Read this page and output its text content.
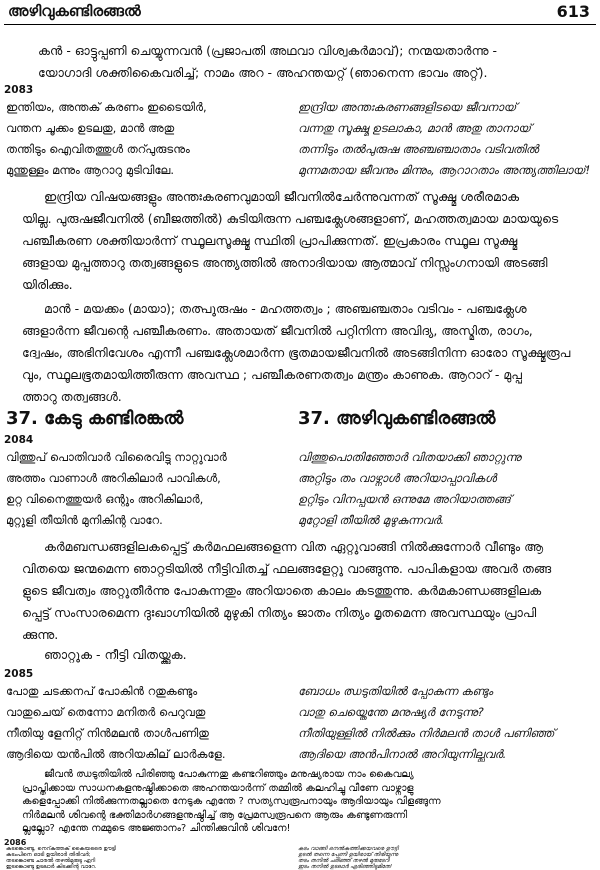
അഴിവുകണ്ടിരങ്ങൽ	613
കൻ - ഓട്ടുപ്പണി ചെയ്യുന്നവൻ (പ്രജാപതി അഥവാ വിശ്വകർമാവ്); നന്മയതാർന്നു -
യോഗാദി ശക്തികൈവരിച്ച്; നാമം അറ - അഹന്തയറ്റ് (ഞാനെന്ന ഭാവം അറ്റ്).
2083
ഇന്തിയം, അന്തക് കരണം ഇടൈയിർ,	ഇന്ദ്രിയ അന്തഃകരണങ്ങളിടയെ ജീവനായ്
വന്തന ചൂക്കം ഉടലതു, മാൻ അതു	വന്നതു സൂക്ഷ്മ ഉടലാകാ, മാൻ അതു താനായ്
തന്തിടും ഐവിതത്തുൾ തറ്പുരുടനും	തന്നിടും തൽപുരുഷ അഞ്ചഞ്ചാതാം വടിവതിൽ
മുന്തുള്ളം മന്നും ആറാറു മുടിവിലേ.	മുന്നമതായ ജീവനും മിന്നും, ആറാറതാം അന്ത്യത്തിലായ്!
ഇന്ദ്രിയ വിഷയങ്ങളും അന്തഃകരണവുമായി ജീവനിൽചേർന്നുവന്നത് സൂക്ഷ്മ ശരീരമാക
യില്ല. പുരുഷജീവനിൽ (ബീജത്തിൽ) കുടിയിരുന്ന പഞ്ചക്ലേശങ്ങളാണ്, മഹത്തത്വമായ മായയുടെ
പഞ്ചീകരണ ശക്തിയാർന്ന് സ്ഥൂലസൂക്ഷ്മ സ്ഥിതി പ്രാപിക്കുന്നത്. ഇപ്രകാരം സ്ഥൂല സൂക്ഷ്മ
ങ്ങളായ മുപ്പത്താറു തത്വങ്ങളുടെ അന്ത്യത്തിൽ അനാദിയായ ആത്മാവ് നിസ്സംഗനായി അടങ്ങി
യിരിക്കും.
മാൻ - മയക്കം (മായാ); തത്പുരുഷം - മഹത്തത്വം ; അഞ്ചഞ്ചതാം വടിവം - പഞ്ചക്ലേശ
ങ്ങളാർന്ന ജീവന്റെ പഞ്ചീകരണം. അതായത് ജീവനിൽ പറ്റിനിന്ന അവിദ്യ, അസ്മിത, രാഗം,
ദ്വേഷം, അഭിനിവേശം എന്നീ പഞ്ചക്ലേശമാർന്ന ഭൂതമായജീവനിൽ അടങ്ങിനിന്ന ഓരോ സൂക്ഷ്മരൂപ
വും, സ്ഥൂലഭൂതമായിത്തീരുന്ന അവസ്ഥ ; പഞ്ചീകരണതത്വം മന്ത്രം കാണുക. ആറാറ് - മുപ്പ
ത്താറു തത്വങ്ങൾ.
37. കേടു കണ്ടിരങ്കൽ	37. അഴിവുകണ്ടിരങ്ങൽ
2084
വിത്തുപ് പൊതിവാർ വിരൈവിട്ടു നാറ്റുവാർ	വിത്തുപൊതിഞ്ഞോർ വിതയാക്കി ഞാറ്റുന്നു
അത്തം വാണാൾ അറികിലാർ പാവികൾ,	അറ്റിടും തം വാഴ്നാൾ അറിയാപ്പാവികൾ
ഉറ്റ വിനൈത്തുയർ ഒന്റും അറികിലാർ,	ഉറ്റിടും വിനപ്പയൻ ഒന്നുമേ അറിയാത്തങ്ങ്
മുറ്റുളി തീയിൻ മുനികിന്റ വാറേ.	മുറ്റോളി തീയിൽ മുഴുകുന്നവർ.
കർമബന്ധങ്ങളിലകപ്പെട്ട് കർമഫലങ്ങളെന്ന വിത ഏറ്റുവാങ്ങി നിൽക്കുന്നോർ വീണ്ടും ആ
വിതയെ ജന്മമെന്ന ഞാറ്റടിയിൽ നീട്ടിവിതച്ച് ഫലങ്ങളേറ്റു വാങ്ങുന്നു. പാപികളായ അവർ തങ്ങ
ളുടെ ജീവത്വം അറ്റുതീർന്നു പോകുന്നതും അറിയാതെ കാലം കടത്തുന്നു. കർമകാണ്ഡങ്ങളിലക
പ്പെട്ട് സംസാരമെന്ന ദുഃഖാഗ്നിയിൽ മുഴുകി നിത്യം ജാതം നിത്യം മൃതമെന്ന അവസ്ഥയും പ്രാപി
ക്കുന്നു.
ഞാറ്റുക - നീട്ടി വിതയ്ക്കുക.
2085
പോതു ചടക്കനപ് പോകിൻ റതുകണ്ടും	ബോധം ഝടുതിയിൽ പ്പോകുന്ന കണ്ടും
വാതുചെയ് തെന്നോ മനിതർ പെറുവതു	വാതു ചെയ്തെന്തേ മനുഷ്യർ നേടുന്നു?
നീതിയു ളേനിറ്റ് നിൻമലൻ താൾപണിതു	നീതിയുള്ളിൽ നിൽക്കും നിർമലൻ താൾ പണിഞ്ഞ്
ആദിയെ യൻപിൽ അറിയകില് ലാർകളേ.	ആദിയെ അൻപിനാൽ അറിയുന്നില്ലവർ.
ജീവൻ ഝടുതിയിൽ പിരിഞ്ഞു പോകുന്നതു കണ്ടറിഞ്ഞും മനുഷ്യരായ നാം കൈവല്യ
പ്രാപ്തിക്കായ സാധനകളനുഷ്ഠിക്കാതെ അഹന്തയാർന്ന് തമ്മിൽ കലഹിച്ചു വീണേ വാഴ്നാളു
കളെപ്പോക്കി നിൽക്കുന്നതല്ലാതെ നേടുക എന്തേ ? സത്യസ്വരൂപനായും ആദിയായും വിളങ്ങുന്ന
നിർമലൻ ശിവന്റെ ഭക്തിമാർഗങ്ങളനുഷ്ഠിച്ച് ആ പ്രേമസ്വരൂപനെ ആരും കണ്ടുണരുന്നി
ല്ലല്ലോ? എന്തേ നമ്മുടെ അജ്ഞാനം? ചിന്തിക്കുവിൻ ശിവനേ!
2086
കടങ്കൊണ്ടു, നെറ്കുത്തക് കൈയരൈ ഊട്ടി	കടം വാങ്ങി നെൽകുത്തിക്കയവരെ ഊട്ടി
കടംപിനെ ഓടി ഉയിരാർ തിരിവർ;	ഉടൽ തന്നെ പ്പേണി ഉയിരായ് തിരിയുന്നു
തടങ്കൊണ്ട ചാരൽ തഴൽമുരുടു ഏറി	തടം തനിൽ ചരിഞ്ഞ് തഴൽ മുരുടേറി
ഇടങ്കൊണ്ടു ഉടലാർ കിടക്കിന്റ വാറേ.	ഇടം തനിൽ ഉടലാർ എരിഞ്ഞിടുമിതേ!
